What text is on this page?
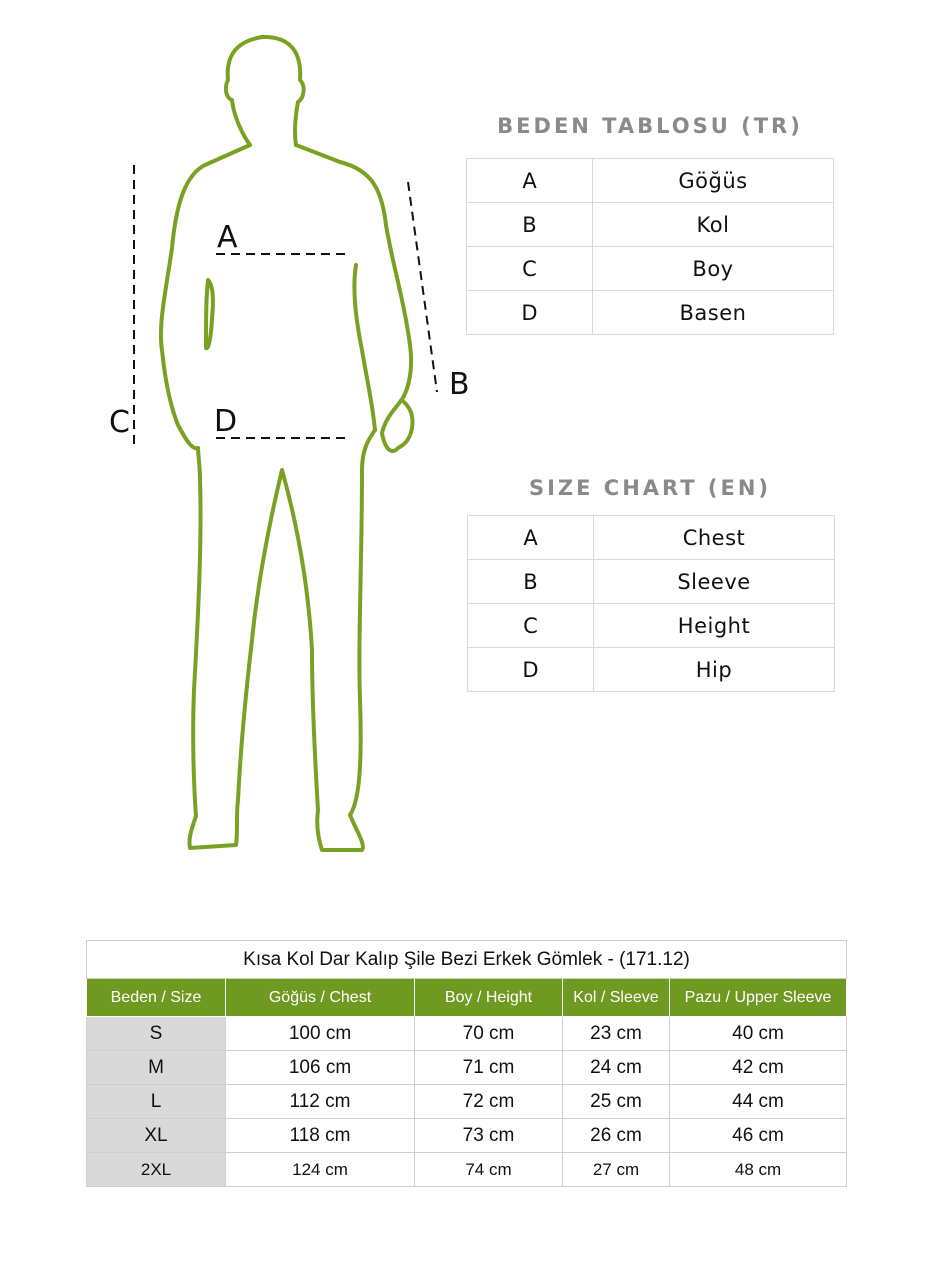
A
B
C	D
BEDEN TABLOSU (TR)
A	Göğüs
B	Kol
C	Boy
D	Basen
SIZE CHART (EN)
A	Chest
B	Sleeve
C	Height
D	Hip
Kısa Kol Dar Kalıp Şile Bezi Erkek Gömlek - (171.12)				
Beden / Size	Göğüs / Chest	Boy / Height	Kol / Sleeve	Pazu / Upper Sleeve
S	100 cm	70 cm	23 cm	40 cm
M	106 cm	71 cm	24 cm	42 cm
L	112 cm	72 cm	25 cm	44 cm
XL	118 cm	73 cm	26 cm	46 cm
2XL	124 cm	74 cm	27 cm	48 cm
